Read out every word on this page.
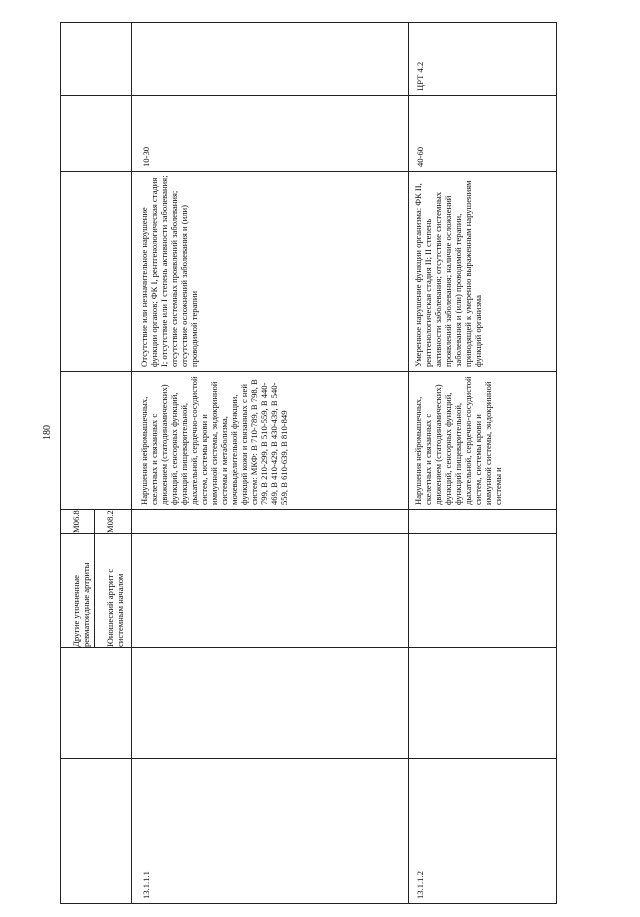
180
Другие уточненные ревматоидные артриты
M06.8
Юношеский артрит с системным началом
M08.2
13.1.1.1
Нарушения нейромышечных, скелетных и связанных с движением (статодинамических) функций, сенсорных функций, функций пищеварительной, дыхательной, сердечно-сосудистой систем, системы крови и иммунной системы, эндокринной системы и метаболизма, мочевыделительной функции, функций кожи и связанных с ней систем: МКФ: В 710-789, В 798, В 799, В 210-299, В 510-559, В 440-469, В 410-429, В 430-439, В 540-559, В 610-639, В 810-849
Отсутствие или незначительное нарушение функции органов; ФК I, рентгенологическая стадия I; отсутствие или I степень активности заболевания; отсутствие системных проявлений заболевания; отсутствие осложнений заболевания и (или) проводимой терапии
10-30
13.1.1.2
Нарушения нейромышечных, скелетных и связанных с движением (статодинамических) функций, сенсорных функций, функций пищеварительной, дыхательной, сердечно-сосудистой систем, системы крови и иммунной системы, эндокринной системы и
Умеренное нарушение функции организма: ФК II, рентгенологическая стадия II; II степень активности заболевания; отсутствие системных проявлений заболевания; наличие осложнений заболевания и (или) проводимой терапии, приводящей к умеренно выраженным нарушениям функций организма
40-60
ЦРТ 4.2
